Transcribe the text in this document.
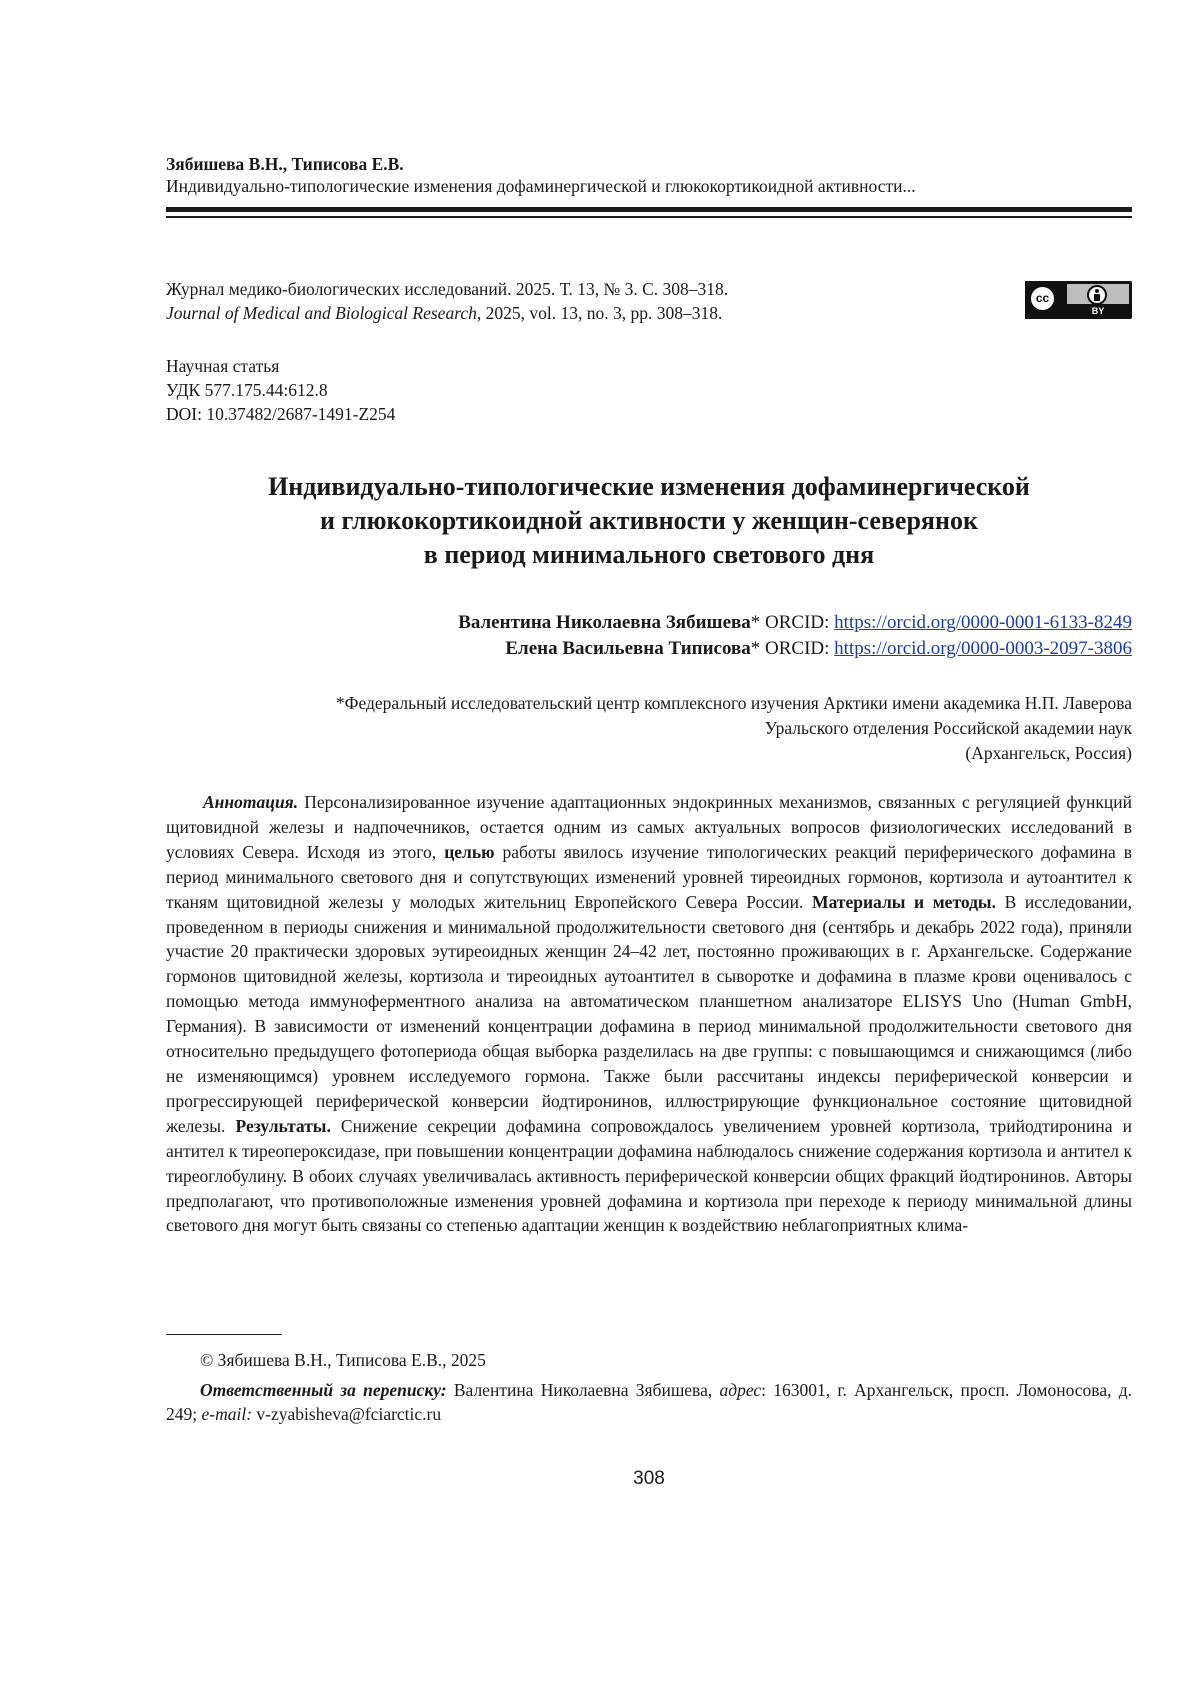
Зябишева В.Н., Типисова Е.В.
Индивидуально-типологические изменения дофаминергической и глюкокортикоидной активности...
Журнал медико-биологических исследований. 2025. Т. 13, № 3. С. 308–318.
Journal of Medical and Biological Research, 2025, vol. 13, no. 3, pp. 308–318.
cc
BY
Научная статья
УДК 577.175.44:612.8
DOI: 10.37482/2687-1491-Z254
Индивидуально-типологические изменения дофаминергической
и глюкокортикоидной активности у женщин-северянок
в период минимального светового дня
Валентина Николаевна Зябишева* ORCID: https://orcid.org/0000-0001-6133-8249
Елена Васильевна Типисова* ORCID: https://orcid.org/0000-0003-2097-3806
*Федеральный исследовательский центр комплексного изучения Арктики имени академика Н.П. Лаверова
Уральского отделения Российской академии наук
(Архангельск, Россия)
Аннотация. Персонализированное изучение адаптационных эндокринных механизмов, связанных с регуляцией функций щитовидной железы и надпочечников, остается одним из самых актуальных вопросов физиологических исследований в условиях Севера. Исходя из этого, целью работы явилось изучение типологических реакций периферического дофамина в период минимального светового дня и сопутствующих изменений уровней тиреоидных гормонов, кортизола и аутоантител к тканям щитовидной железы у молодых жительниц Европейского Севера России. Материалы и методы. В исследовании, проведенном в периоды снижения и минимальной продолжительности светового дня (сентябрь и декабрь 2022 года), приняли участие 20 практически здоровых эутиреоидных женщин 24–42 лет, постоянно проживающих в г. Архангельске. Содержание гормонов щитовидной железы, кортизола и тиреоидных аутоантител в сыворотке и дофамина в плазме крови оценивалось с помощью метода иммуноферментного анализа на автоматическом планшетном анализаторе ELISYS Uno (Human GmbH, Германия). В зависимости от изменений концентрации дофамина в период минимальной продолжительности светового дня относительно предыдущего фотопериода общая выборка разделилась на две группы: с повышающимся и снижающимся (либо не изменяющимся) уровнем исследуемого гормона. Также были рассчитаны индексы периферической конверсии и прогрессирующей периферической конверсии йодтиронинов, иллюстрирующие функциональное состояние щитовидной железы. Результаты. Снижение секреции дофамина сопровождалось увеличением уровней кортизола, трийодтиронина и антител к тиреопероксидазе, при повышении концентрации дофамина наблюдалось снижение содержания кортизола и антител к тиреоглобулину. В обоих случаях увеличивалась активность периферической конверсии общих фракций йодтиронинов. Авторы предполагают, что противоположные изменения уровней дофамина и кортизола при переходе к периоду минимальной длины светового дня могут быть связаны со степенью адаптации женщин к воздействию неблагоприятных клима-
© Зябишева В.Н., Типисова Е.В., 2025
Ответственный за переписку: Валентина Николаевна Зябишева, адрес: 163001, г. Архангельск, просп. Ломоносова, д. 249; e-mail: v-zyabisheva@fciarctic.ru
308
